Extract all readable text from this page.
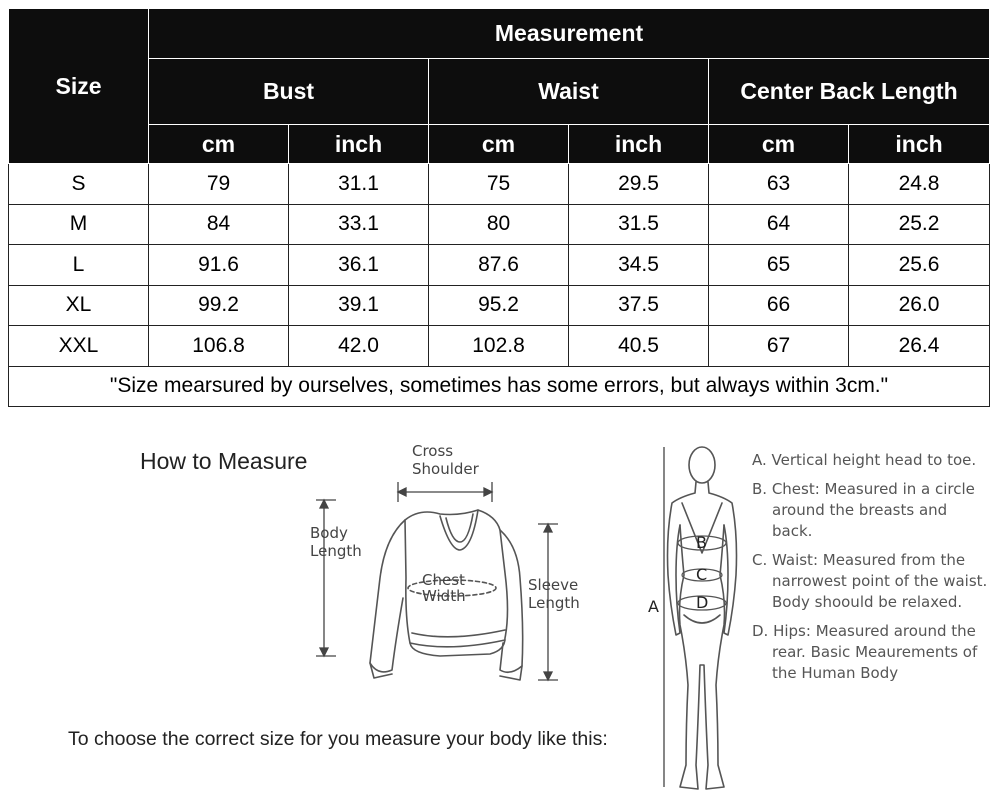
Size	Measurement					
	Bust		Waist		Center Back Length	
	cm	inch	cm	inch	cm	inch
S	79	31.1	75	29.5	63	24.8
M	84	33.1	80	31.5	64	25.2
L	91.6	36.1	87.6	34.5	65	25.6
XL	99.2	39.1	95.2	37.5	66	26.0
XXL	106.8	42.0	102.8	40.5	67	26.4
"Size mearsured by ourselves, sometimes has some errors, but always within 3cm."						
How to Measure	Cross
Shoulder
Body
Length
Chest
Width
Sleeve
Length
B
C
D
A
A. Vertical height head to toe.
B. Chest: Measured in a circle around the breasts and back.
C. Waist: Measured from the narrowest point of the waist. Body shoould be relaxed.
D. Hips: Measured around the rear. Basic Meaurements of the Human Body
To choose the correct size for you measure your body like this:
